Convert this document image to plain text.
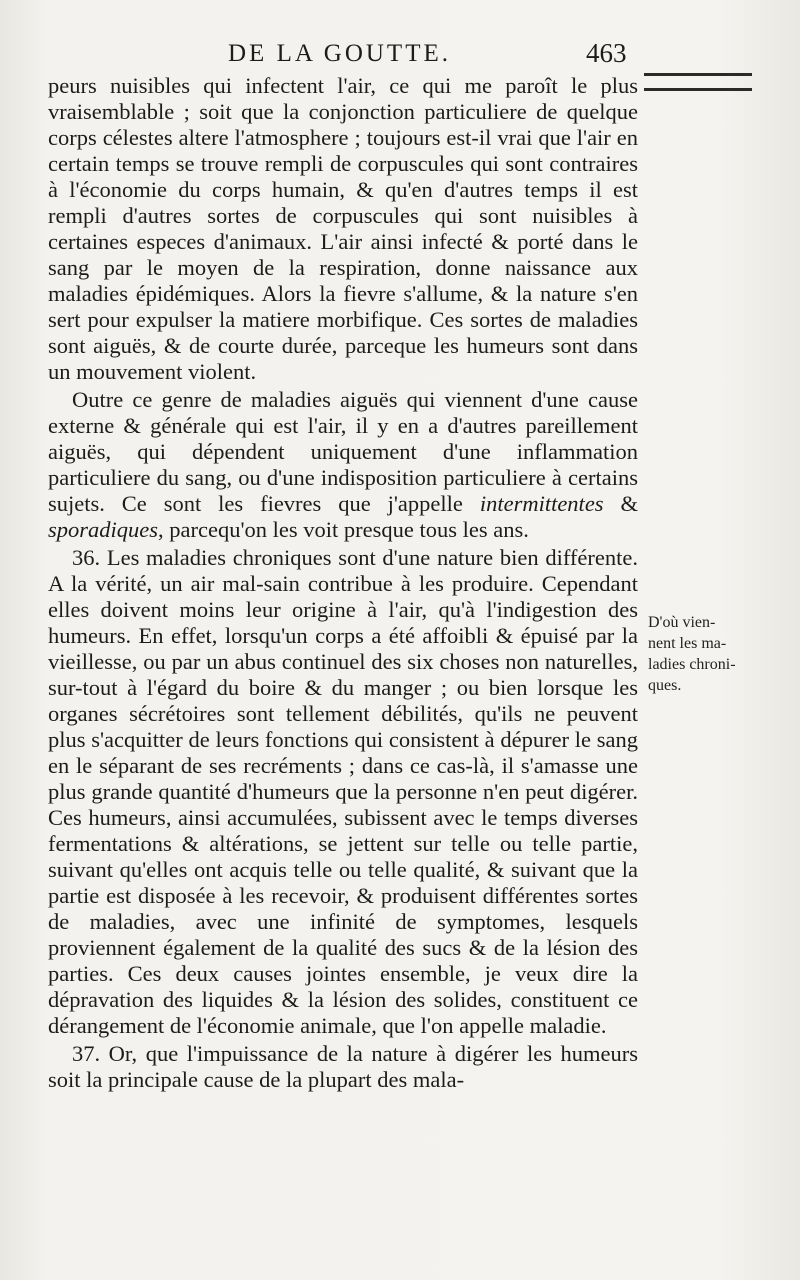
DE LA GOUTTE.	463

peurs nuisibles qui infectent l'air, ce qui me paroît le plus vraisemblable ; soit que la conjonction particuliere de quelque corps célestes altere l'atmosphere ; toujours est-il vrai que l'air en certain temps se trouve rempli de corpuscules qui sont contraires à l'économie du corps humain, & qu'en d'autres temps il est rempli d'autres sortes de corpuscules qui sont nuisibles à certaines especes d'animaux. L'air ainsi infecté & porté dans le sang par le moyen de la respiration, donne naissance aux maladies épidémiques. Alors la fievre s'allume, & la nature s'en sert pour expulser la matiere morbifique. Ces sortes de maladies sont aiguës, & de courte durée, parceque les humeurs sont dans un mouvement violent.

Outre ce genre de maladies aiguës qui viennent d'une cause externe & générale qui est l'air, il y en a d'autres pareillement aiguës, qui dépendent uniquement d'une inflammation particuliere du sang, ou d'une indisposition particuliere à certains sujets. Ce sont les fievres que j'appelle intermittentes & sporadiques, parcequ'on les voit presque tous les ans.

36. Les maladies chroniques sont d'une nature bien différente. A la vérité, un air mal-sain contribue à les produire. Cependant elles doivent moins leur origine à l'air, qu'à l'indigestion des humeurs. En effet, lorsqu'un corps a été affoibli & épuisé par la vieillesse, ou par un abus continuel des six choses non naturelles, sur-tout à l'égard du boire & du manger ; ou bien lorsque les organes sécrétoires sont tellement débilités, qu'ils ne peuvent plus s'acquitter de leurs fonctions qui consistent à dépurer le sang en le séparant de ses recréments ; dans ce cas-là, il s'amasse une plus grande quantité d'humeurs que la personne n'en peut digérer. Ces humeurs, ainsi accumulées, subissent avec le temps diverses fermentations & altérations, se jettent sur telle ou telle partie, suivant qu'elles ont acquis telle ou telle qualité, & suivant que la partie est disposée à les recevoir, & produisent différentes sortes de maladies, avec une infinité de symptomes, lesquels proviennent également de la qualité des sucs & de la lésion des parties. Ces deux causes jointes ensemble, je veux dire la dépravation des liquides & la lésion des solides, constituent ce dérangement de l'économie animale, que l'on appelle maladie.

37. Or, que l'impuissance de la nature à digérer les humeurs soit la principale cause de la plupart des mala-

D'où vien-
nent les ma-
ladies chroni-
ques.
